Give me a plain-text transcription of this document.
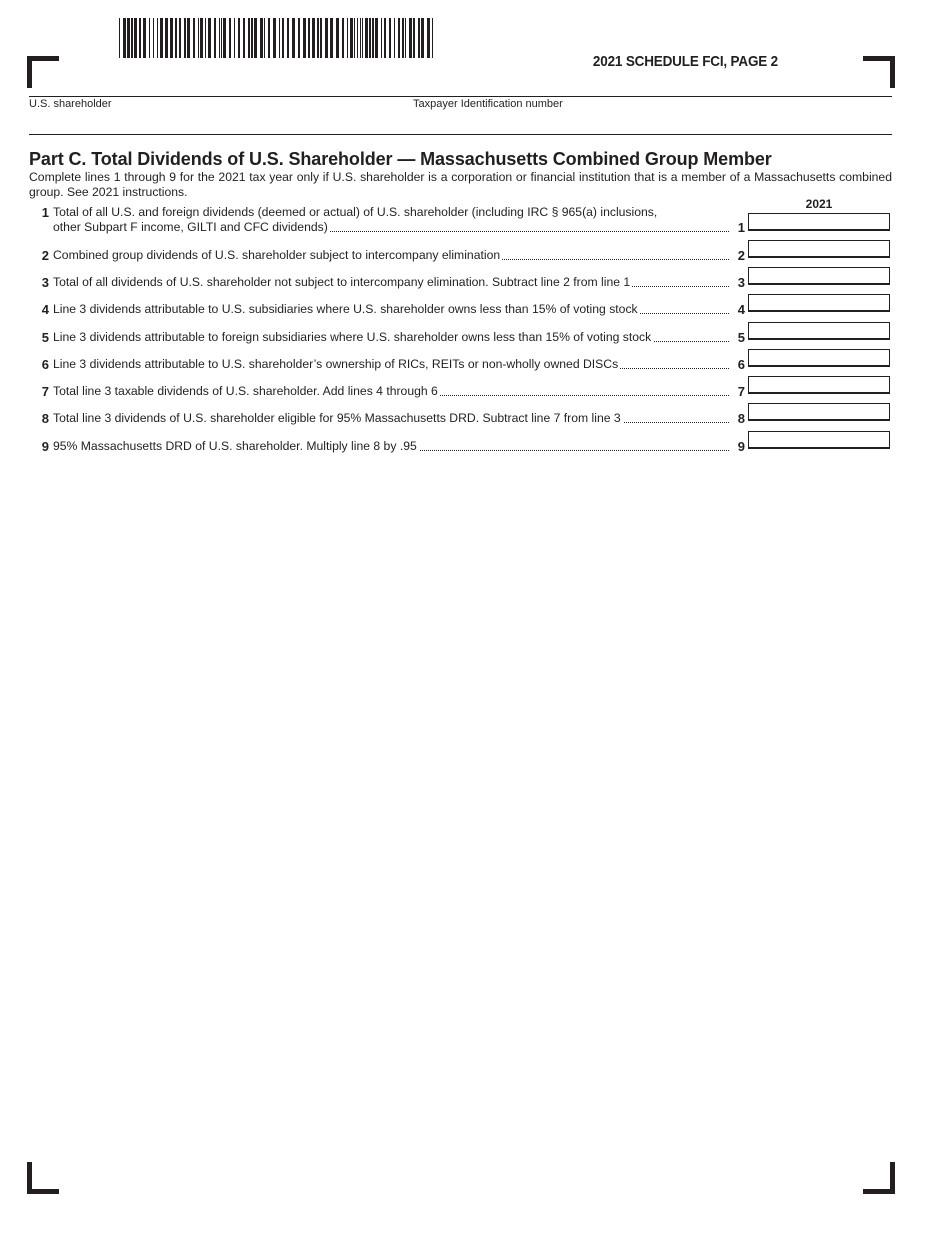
2021 SCHEDULE FCI, PAGE 2
U.S. shareholder	Taxpayer Identification number
Part C. Total Dividends of U.S. Shareholder — Massachusetts Combined Group Member
Complete lines 1 through 9 for the 2021 tax year only if U.S. shareholder is a corporation or financial institution that is a member of a Massachusetts combined group. See 2021 instructions.
2021
1 Total of all U.S. and foreign dividends (deemed or actual) of U.S. shareholder (including IRC § 965(a) inclusions,
other Subpart F income, GILTI and CFC dividends)	1
2 Combined group dividends of U.S. shareholder subject to intercompany elimination	2
3 Total of all dividends of U.S. shareholder not subject to intercompany elimination. Subtract line 2 from line 1	3
4 Line 3 dividends attributable to U.S. subsidiaries where U.S. shareholder owns less than 15% of voting stock	4
5 Line 3 dividends attributable to foreign subsidiaries where U.S. shareholder owns less than 15% of voting stock	5
6 Line 3 dividends attributable to U.S. shareholder’s ownership of RICs, REITs or non-wholly owned DISCs	6
7 Total line 3 taxable dividends of U.S. shareholder. Add lines 4 through 6	7
8 Total line 3 dividends of U.S. shareholder eligible for 95% Massachusetts DRD. Subtract line 7 from line 3	8
9 95% Massachusetts DRD of U.S. shareholder. Multiply line 8 by .95	9
